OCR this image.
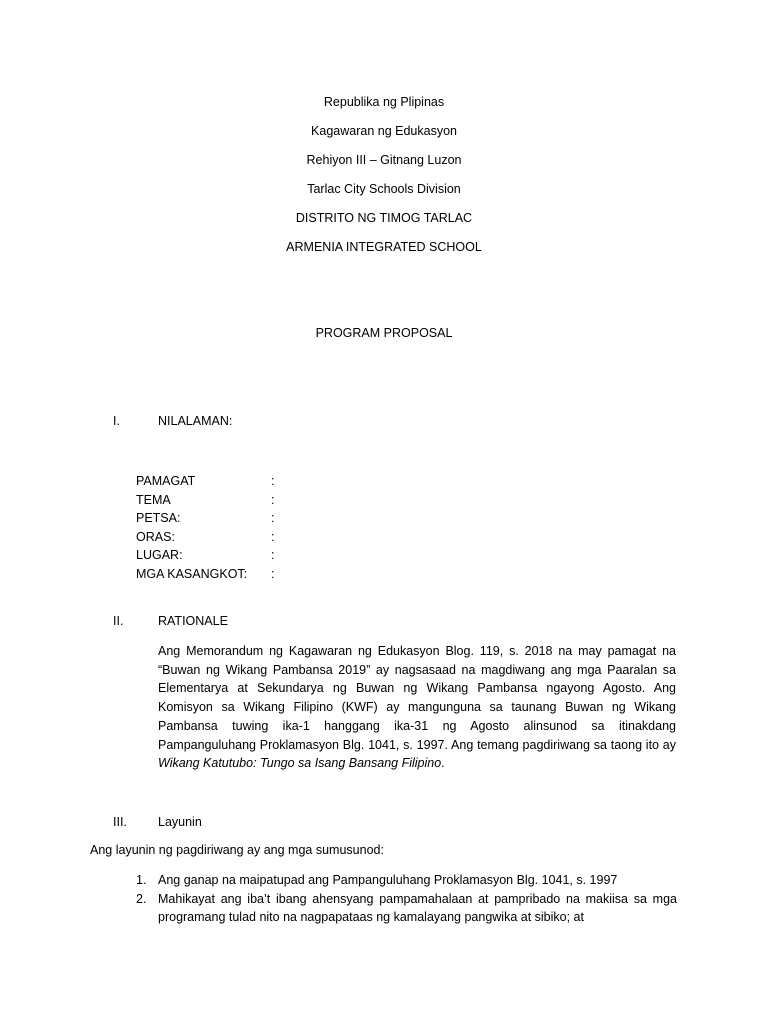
Republika ng Plipinas

Kagawaran ng Edukasyon

Rehiyon III – Gitnang Luzon

Tarlac City Schools Division

DISTRITO NG TIMOG TARLAC

ARMENIA INTEGRATED SCHOOL

PROGRAM PROPOSAL

I.	NILALAMAN:
PAMAGAT	:
TEMA	:
PETSA:	:
ORAS:	:
LUGAR:	:
MGA KASANGKOT: :
II.	RATIONALE

Ang Memorandum ng Kagawaran ng Edukasyon Blog. 119, s. 2018 na may pamagat na “Buwan ng Wikang Pambansa 2019” ay nagsasaad na magdiwang ang mga Paaralan sa Elementarya at Sekundarya ng Buwan ng Wikang Pambansa ngayong Agosto. Ang Komisyon sa Wikang Filipino (KWF) ay mangunguna sa taunang Buwan ng Wikang Pambansa tuwing ika-1 hanggang ika-31 ng Agosto alinsunod sa itinakdang Pampanguluhang Proklamasyon Blg. 1041, s. 1997. Ang temang pagdiriwang sa taong ito ay Wikang Katutubo: Tungo sa Isang Bansang Filipino.

III. Layunin

Ang layunin ng pagdiriwang ay ang mga sumusunod:

1. Ang ganap na maipatupad ang Pampanguluhang Proklamasyon Blg. 1041, s. 1997
2. Mahikayat ang iba’t ibang ahensyang pampamahalaan at pampribado na makiisa sa mga programang tulad nito na nagpapataas ng kamalayang pangwika at sibiko; at
